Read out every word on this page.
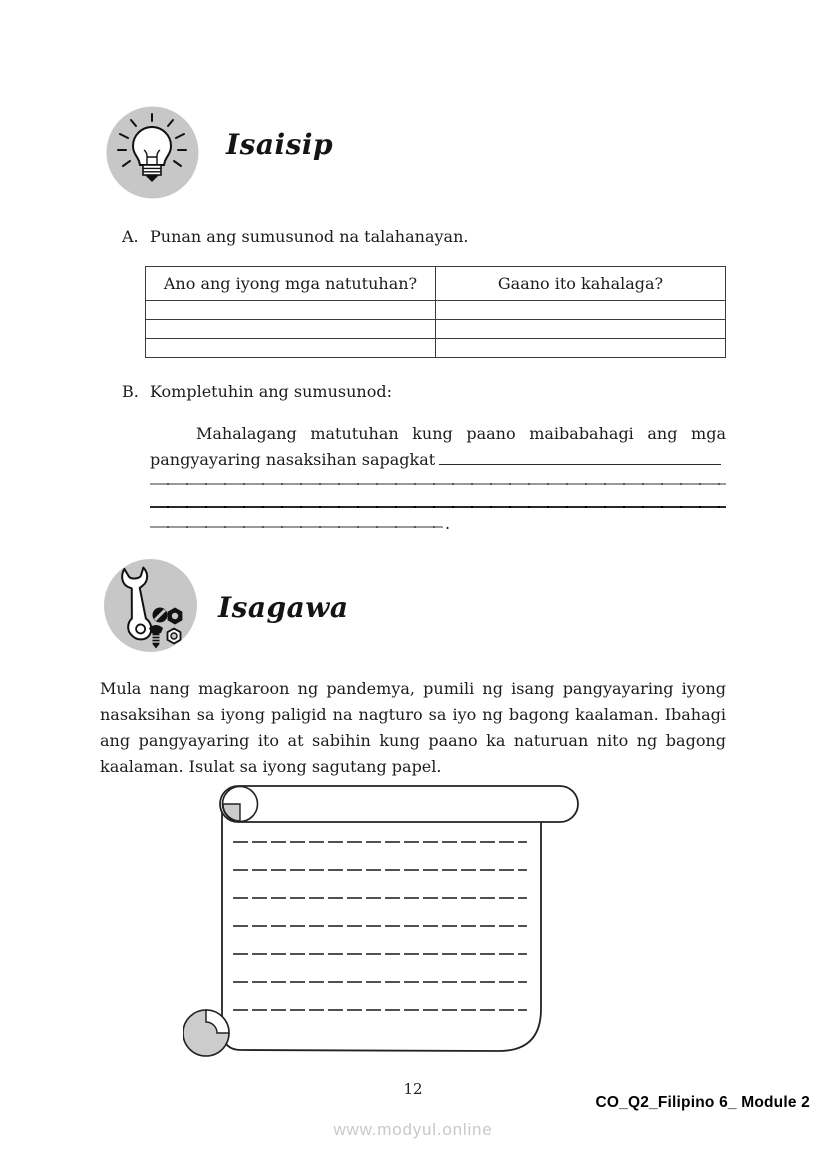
Isaisip
A. Punan ang sumusunod na talahanayan.
Ano ang iyong mga natutuhan?	Gaano ito kahalaga?

B. Kompletuhin ang sumusunod:
Mahalagang matutuhan kung paano maibabahagi ang mga pangyayaring nasaksihan sapagkat
.
Isagawa
Mula nang magkaroon ng pandemya, pumili ng isang pangyayaring iyong nasaksihan sa iyong paligid na nagturo sa iyo ng bagong kaalaman. Ibahagi ang pangyayaring ito at sabihin kung paano ka naturuan nito ng bagong kaalaman. Isulat sa iyong sagutang papel.
12
CO_Q2_Filipino 6_ Module 2
www.modyul.online
